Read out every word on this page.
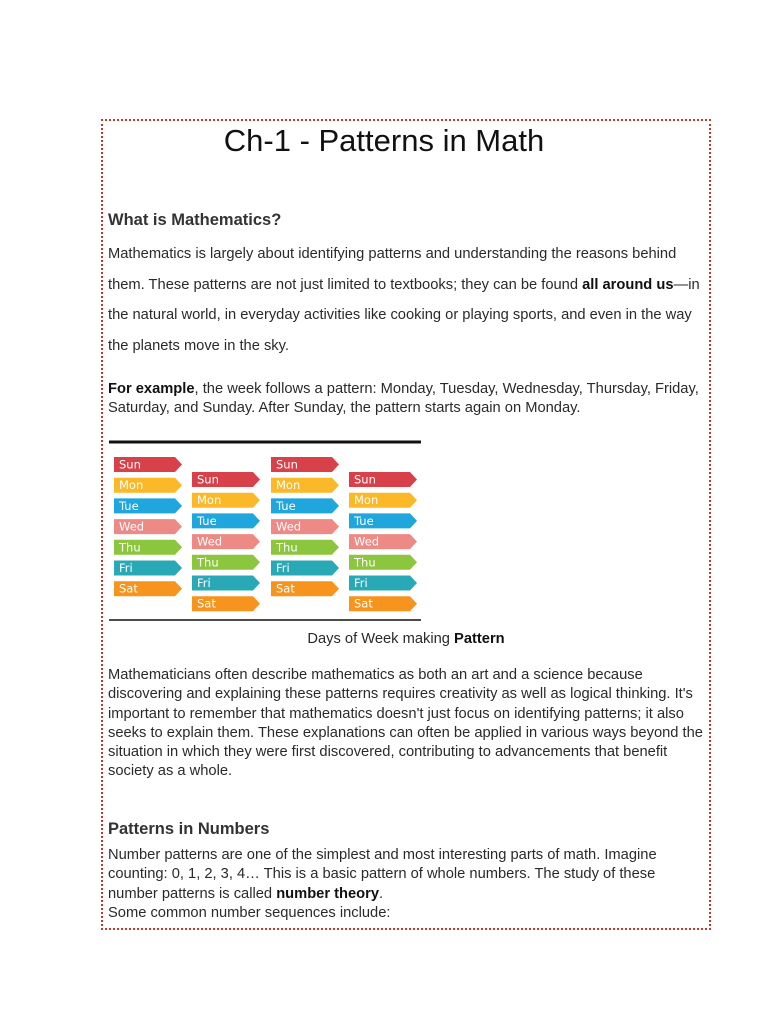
Ch-1 - Patterns in Math
What is Mathematics?

Mathematics is largely about identifying patterns and understanding the reasons behind them. These patterns are not just limited to textbooks; they can be found all around us—in the natural world, in everyday activities like cooking or playing sports, and even in the way the planets move in the sky.

For example, the week follows a pattern: Monday, Tuesday, Wednesday, Thursday, Friday, Saturday, and Sunday. After Sunday, the pattern starts again on Monday.

Sun
Mon
Tue
Wed
Thu
Fri
Sat
Sun
Mon
Tue
Wed
Thu
Fri
Sat
Sun
Mon
Tue
Wed
Thu
Fri
Sat
Sun
Mon
Tue
Wed
Thu
Fri
Sat
Days of Week making Pattern

Mathematicians often describe mathematics as both an art and a science because discovering and explaining these patterns requires creativity as well as logical thinking. It's important to remember that mathematics doesn't just focus on identifying patterns; it also seeks to explain them. These explanations can often be applied in various ways beyond the situation in which they were first discovered, contributing to advancements that benefit society as a whole.

Patterns in Numbers

Number patterns are one of the simplest and most interesting parts of math. Imagine counting: 0, 1, 2, 3, 4… This is a basic pattern of whole numbers. The study of these number patterns is called number theory.

Some common number sequences include:
